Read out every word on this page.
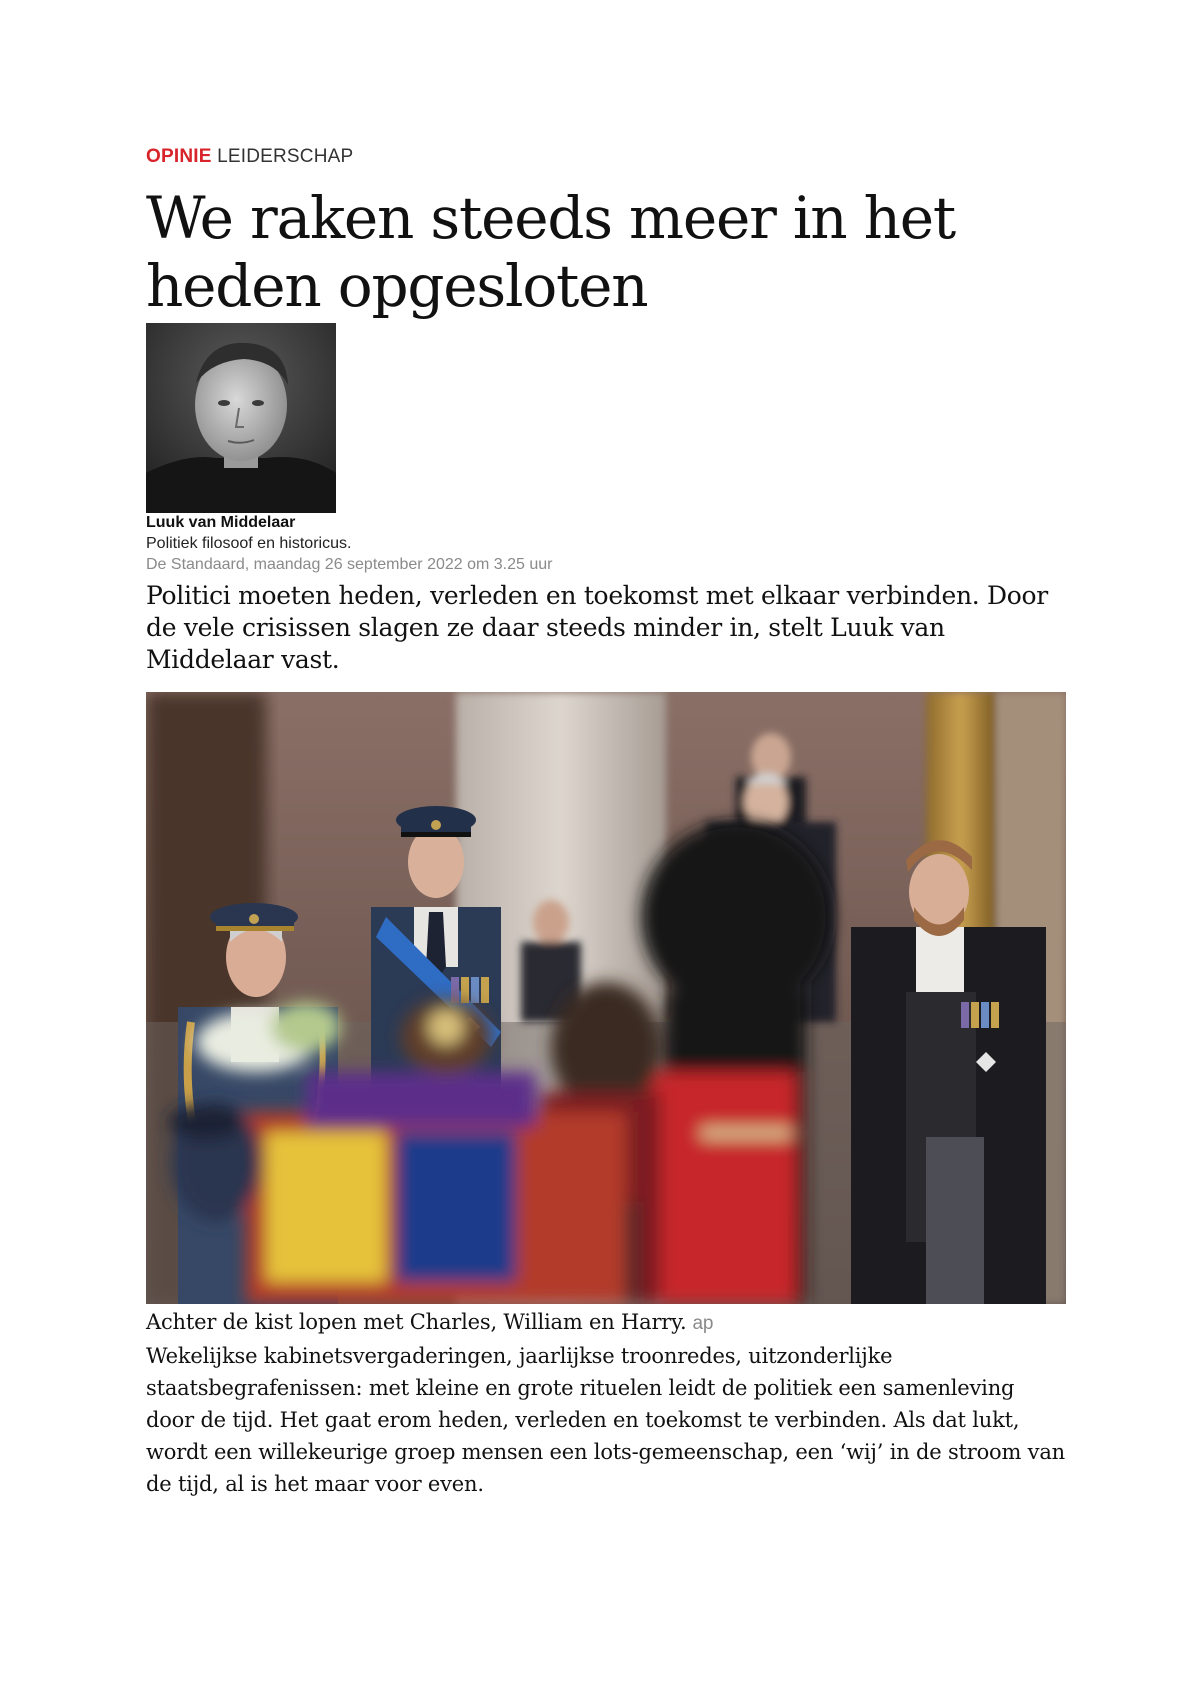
OPINIE LEIDERSCHAP
We raken steeds meer in het heden opgesloten
Luuk van Middelaar
Politiek filosoof en historicus.
De Standaard, maandag 26 september 2022 om 3.25 uur

Politici moeten heden, verleden en toekomst met elkaar verbinden. Door de vele crisissen slagen ze daar steeds minder in, stelt Luuk van Middelaar vast.

Achter de kist lopen met Charles, William en Harry. ap

Wekelijkse kabinetsvergaderingen, jaarlijkse troonredes, uitzonderlijke staatsbegrafenissen: met kleine en grote rituelen leidt de politiek een samenleving door de tijd. Het gaat erom heden, verleden en toekomst te verbinden. Als dat lukt, wordt een willekeurige groep mensen een lots-gemeenschap, een ‘wij’ in de stroom van de tijd, al is het maar voor even.
